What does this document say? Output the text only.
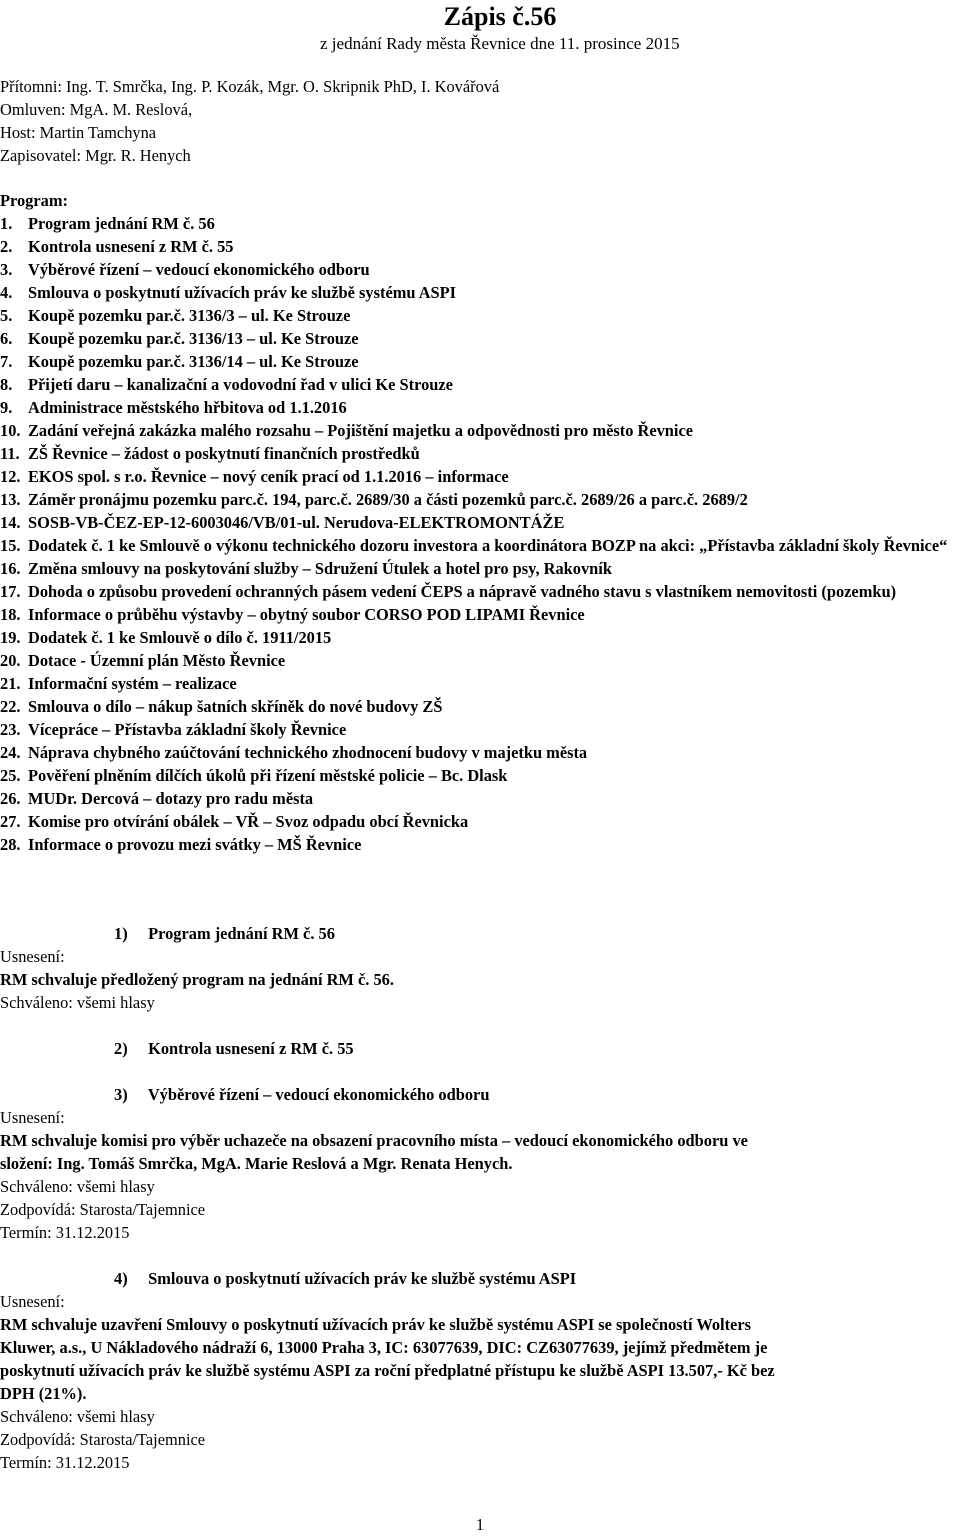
Zápis č.56
z jednání Rady města Řevnice dne 11. prosince 2015
Přítomni: Ing. T. Smrčka, Ing. P. Kozák, Mgr. O. Skripnik PhD, I. Kovářová
Omluven: MgA. M. Reslová,
Host: Martin Tamchyna
Zapisovatel: Mgr. R. Henych
Program:
1. Program jednání RM č. 56
2. Kontrola usnesení z RM č. 55
3. Výběrové řízení – vedoucí ekonomického odboru
4. Smlouva o poskytnutí užívacích práv ke službě systému ASPI
5. Koupě pozemku par.č. 3136/3 – ul. Ke Strouze
6. Koupě pozemku par.č. 3136/13 – ul. Ke Strouze
7. Koupě pozemku par.č. 3136/14 – ul. Ke Strouze
8. Přijetí daru – kanalizační a vodovodní řad v ulici Ke Strouze
9. Administrace městského hřbitova od 1.1.2016
10. Zadání veřejná zakázka malého rozsahu – Pojištění majetku a odpovědnosti pro město Řevnice
11. ZŠ Řevnice – žádost o poskytnutí finančních prostředků
12. EKOS spol. s r.o. Řevnice – nový ceník prací od 1.1.2016 – informace
13. Záměr pronájmu pozemku parc.č. 194, parc.č. 2689/30 a části pozemků parc.č. 2689/26 a parc.č. 2689/2
14. SOSB-VB-ČEZ-EP-12-6003046/VB/01-ul. Nerudova-ELEKTROMONTÁŽE
15. Dodatek č. 1 ke Smlouvě o výkonu technického dozoru investora a koordinátora BOZP na akci: „Přístavba základní školy Řevnice“
16. Změna smlouvy na poskytování služby – Sdružení Útulek a hotel pro psy, Rakovník
17. Dohoda o způsobu provedení ochranných pásem vedení ČEPS a nápravě vadného stavu s vlastníkem nemovitosti (pozemku)
18. Informace o průběhu výstavby – obytný soubor CORSO POD LIPAMI Řevnice
19. Dodatek č. 1 ke Smlouvě o dílo č. 1911/2015
20. Dotace - Územní plán Město Řevnice
21. Informační systém – realizace
22. Smlouva o dílo – nákup šatních skříněk do nové budovy ZŠ
23. Vícepráce – Přístavba základní školy Řevnice
24. Náprava chybného zaúčtování technického zhodnocení budovy v majetku města
25. Pověření plněním dílčích úkolů při řízení městské policie – Bc. Dlask
26. MUDr. Dercová – dotazy pro radu města
27. Komise pro otvírání obálek – VŘ – Svoz odpadu obcí Řevnicka
28. Informace o provozu mezi svátky – MŠ Řevnice
1) Program jednání RM č. 56
Usnesení:
RM schvaluje předložený program na jednání RM č. 56.
Schváleno: všemi hlasy
2) Kontrola usnesení z RM č. 55
3) Výběrové řízení – vedoucí ekonomického odboru
Usnesení:
RM schvaluje komisi pro výběr uchazeče na obsazení pracovního místa – vedoucí ekonomického odboru ve
složení: Ing. Tomáš Smrčka, MgA. Marie Reslová a Mgr. Renata Henych.
Schváleno: všemi hlasy
Zodpovídá: Starosta/Tajemnice
Termín: 31.12.2015
4) Smlouva o poskytnutí užívacích práv ke službě systému ASPI
Usnesení:
RM schvaluje uzavření Smlouvy o poskytnutí užívacích práv ke službě systému ASPI se společností Wolters
Kluwer, a.s., U Nákladového nádraží 6, 13000 Praha 3, IC: 63077639, DIC: CZ63077639, jejímž předmětem je
poskytnutí užívacích práv ke službě systému ASPI za roční předplatné přístupu ke službě ASPI 13.507,- Kč bez
DPH (21%).
Schváleno: všemi hlasy
Zodpovídá: Starosta/Tajemnice
Termín: 31.12.2015
1
